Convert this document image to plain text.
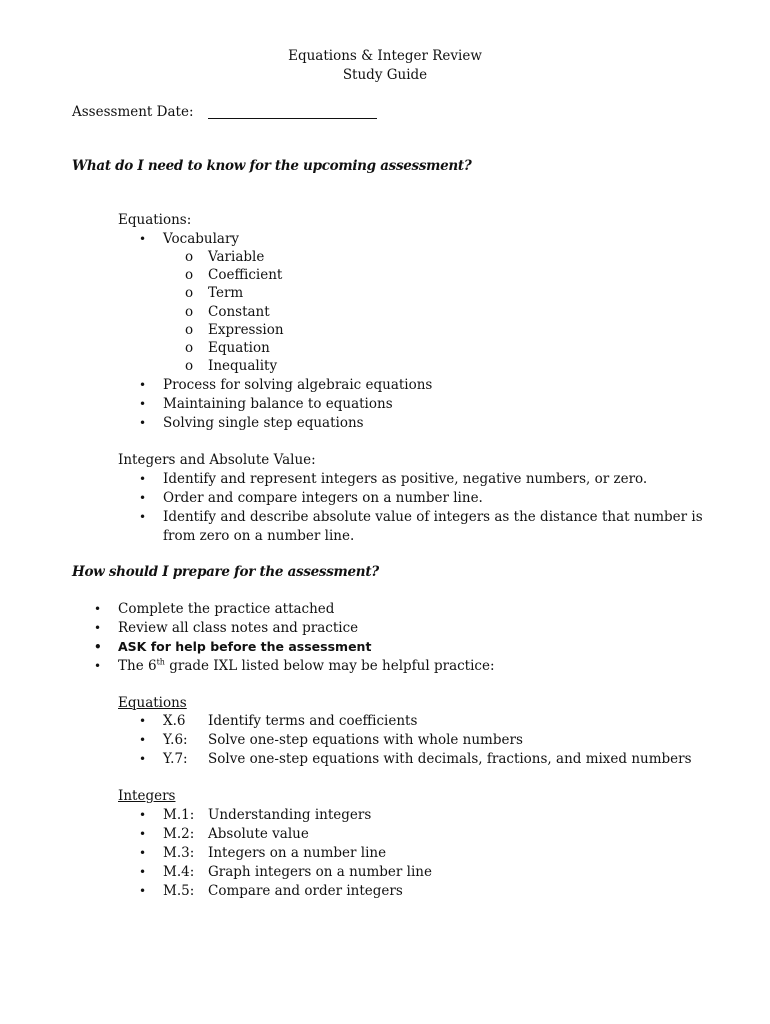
Equations & Integer Review
Study Guide
Assessment Date:
What do I need to know for the upcoming assessment?
Equations:
• Vocabulary
o Variable
o Coefficient
o Term
o Constant
o Expression
o Equation
o Inequality
• Process for solving algebraic equations
• Maintaining balance to equations
• Solving single step equations
Integers and Absolute Value:
• Identify and represent integers as positive, negative numbers, or zero.
• Order and compare integers on a number line.
• Identify and describe absolute value of integers as the distance that number is
from zero on a number line.
How should I prepare for the assessment?
• Complete the practice attached
• Review all class notes and practice
• ASK for help before the assessment
• The 6th grade IXL listed below may be helpful practice:
Equations
• X.6 Identify terms and coefficients
• Y.6: Solve one-step equations with whole numbers
• Y.7: Solve one-step equations with decimals, fractions, and mixed numbers
Integers
• M.1: Understanding integers
• M.2: Absolute value
• M.3: Integers on a number line
• M.4: Graph integers on a number line
• M.5: Compare and order integers
